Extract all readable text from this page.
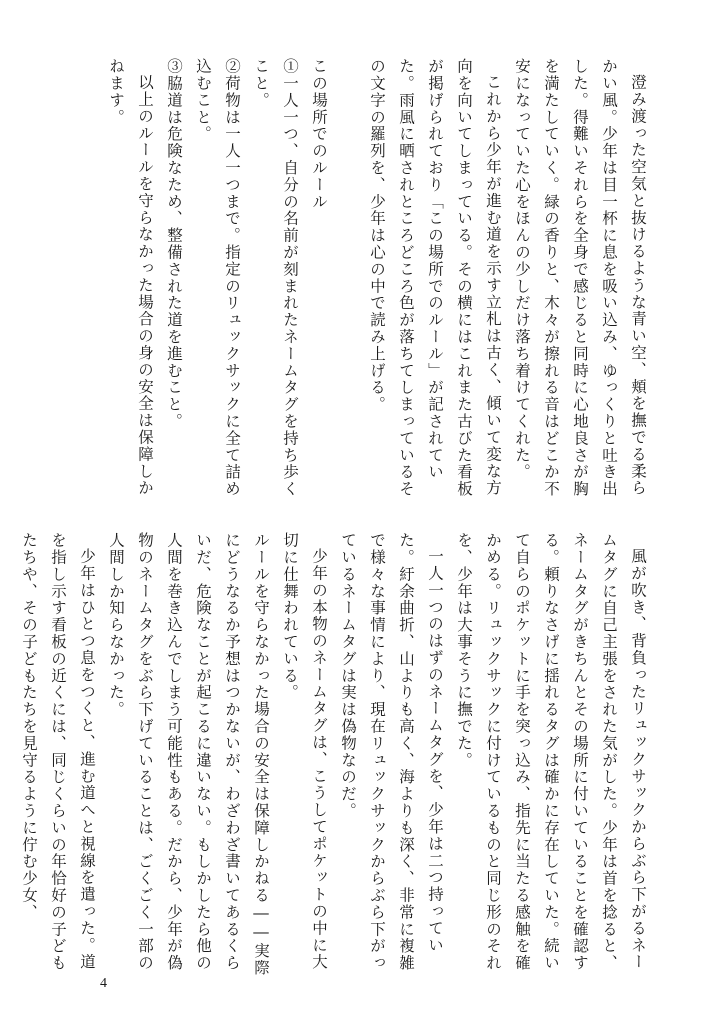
澄み渡った空気と抜けるような青い空、頬を撫でる柔らかい風。少年は目一杯に息を吸い込み、ゆっくりと吐き出した。得難いそれらを全身で感じると同時に心地良さが胸を満たしていく。緑の香りと、木々が擦れる音はどこか不安になっていた心をほんの少しだけ落ち着けてくれた。

これから少年が進む道を示す立札は古く、傾いて変な方向を向いてしまっている。その横にはこれまた古びた看板が掲げられており「この場所でのルール」が記されていた。雨風に晒されところどころ色が落ちてしまっているその文字の羅列を、少年は心の中で読み上げる。

この場所でのルール

①一人一つ、自分の名前が刻まれたネームタグを持ち歩くこと。

②荷物は一人一つまで。指定のリュックサックに全て詰め込むこと。

③脇道は危険なため、整備された道を進むこと。

以上のルールを守らなかった場合の身の安全は保障しかねます。

風が吹き、背負ったリュックサックからぶら下がるネームタグに自己主張をされた気がした。少年は首を捻ると、ネームタグがきちんとその場所に付いていることを確認する。頼りなさげに揺れるタグは確かに存在していた。続いて自らのポケットに手を突っ込み、指先に当たる感触を確かめる。リュックサックに付けているものと同じ形のそれを、少年は大事そうに撫でた。

一人一つのはずのネームタグを、少年は二つ持っていた。紆余曲折、山よりも高く、海よりも深く、非常に複雑で様々な事情により、現在リュックサックからぶら下がっているネームタグは実は偽物なのだ。

少年の本物のネームタグは、こうしてポケットの中に大切に仕舞われている。

ルールを守らなかった場合の安全は保障しかねる――実際にどうなるか予想はつかないが、わざわざ書いてあるくらいだ、危険なことが起こるに違いない。もしかしたら他の人間を巻き込んでしまう可能性もある。だから、少年が偽物のネームタグをぶら下げていることは、ごくごく一部の人間しか知らなかった。

少年はひとつ息をつくと、進む道へと視線を遣った。道を指し示す看板の近くには、同じくらいの年恰好の子どもたちや、その子どもたちを見守るように佇む少女、

4
